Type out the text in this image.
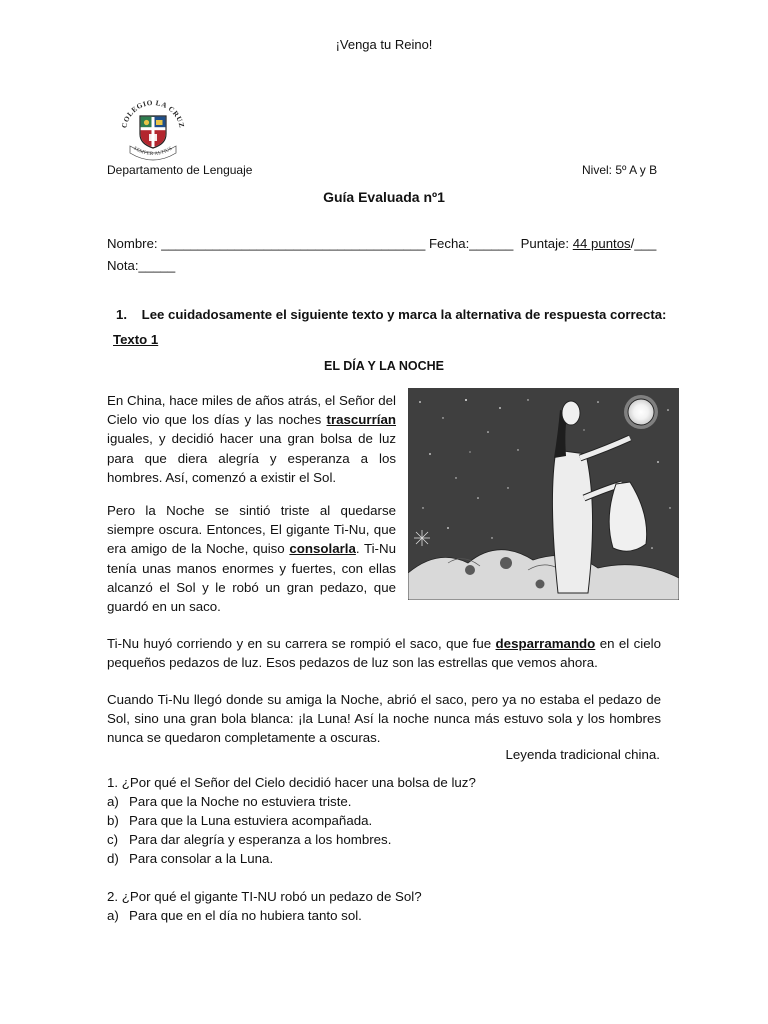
¡Venga tu Reino!
COLEGIO LA CRUZ
SEMPER ALTIUS
Departamento de Lenguaje	Nivel: 5º A y B
Guía Evaluada nº1
Nombre: ____________________________________ Fecha:______ Puntaje: 44 puntos/___
Nota:_____
1. Lee cuidadosamente el siguiente texto y marca la alternativa de respuesta correcta:
Texto 1
EL DÍA Y LA NOCHE
En China, hace miles de años atrás, el Señor del Cielo vio que los días y las noches trascurrían iguales, y decidió hacer una gran bolsa de luz para que diera alegría y esperanza a los hombres. Así, comenzó a existir el Sol.
Pero la Noche se sintió triste al quedarse siempre oscura. Entonces, El gigante Ti-Nu, que era amigo de la Noche, quiso consolarla. Ti-Nu tenía unas manos enormes y fuertes, con ellas alcanzó el Sol y le robó un gran pedazo, que guardó en un saco.
Ti-Nu huyó corriendo y en su carrera se rompió el saco, que fue desparramando en el cielo pequeños pedazos de luz. Esos pedazos de luz son las estrellas que vemos ahora.
Cuando Ti-Nu llegó donde su amiga la Noche, abrió el saco, pero ya no estaba el pedazo de Sol, sino una gran bola blanca: ¡la Luna! Así la noche nunca más estuvo sola y los hombres nunca se quedaron completamente a oscuras.
Leyenda tradicional china.
1. ¿Por qué el Señor del Cielo decidió hacer una bolsa de luz?
a) Para que la Noche no estuviera triste.
b) Para que la Luna estuviera acompañada.
c) Para dar alegría y esperanza a los hombres.
d) Para consolar a la Luna.
2. ¿Por qué el gigante TI-NU robó un pedazo de Sol?
a) Para que en el día no hubiera tanto sol.
